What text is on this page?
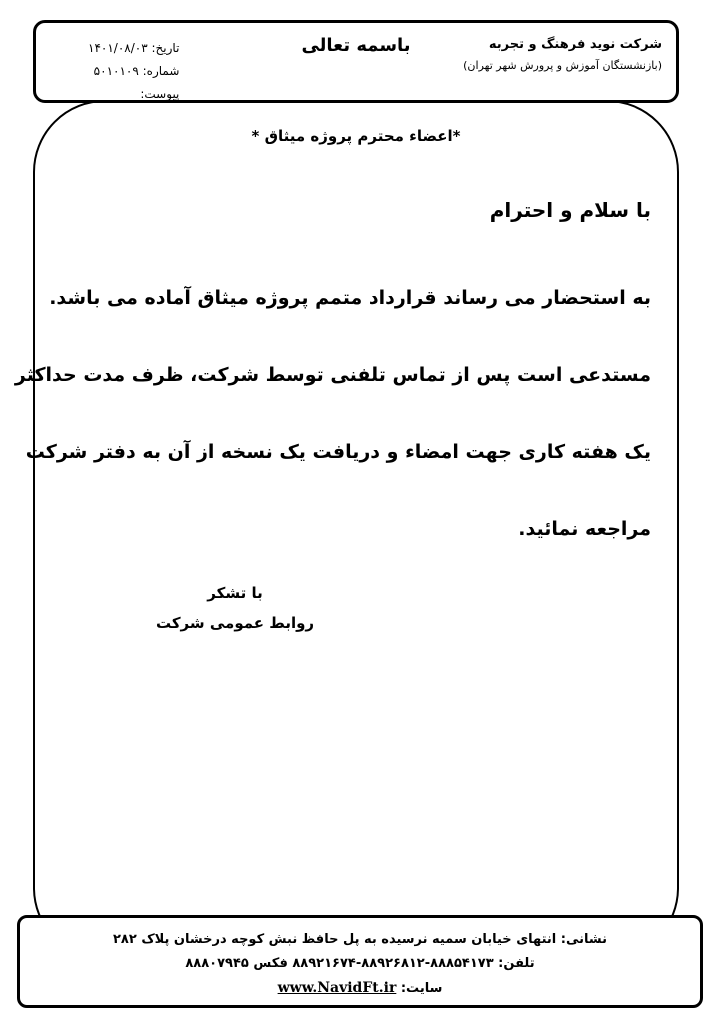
شرکت نوید فرهنگ و تجربه
(بازنشستگان آموزش و پرورش شهر تهران)
باسمه تعالی
تاریخ: ۱۴۰۱/۰۸/۰۳
شماره: ۵۰۱۰۱۰۹
پیوست:
*اعضاء محترم پروژه میثاق *
با سلام و احترام
به استحضار می رساند قرارداد متمم پروژه میثاق آماده می باشد.
مستدعی است پس از تماس تلفنی توسط شرکت، ظرف مدت حداکثر
یک هفته کاری جهت امضاء و دریافت یک نسخه از آن به دفتر شرکت
مراجعه نمائید.
با تشکر
روابط عمومی شرکت
نشانی: انتهای خیابان سمیه نرسیده به پل حافظ نبش کوچه درخشان پلاک ۲۸۲
تلفن: ۸۸۸۵۴۱۷۳-۸۸۹۲۶۸۱۲-۸۸۹۲۱۶۷۴ فکس ۸۸۸۰۷۹۴۵
سایت: www.NavidFt.ir
